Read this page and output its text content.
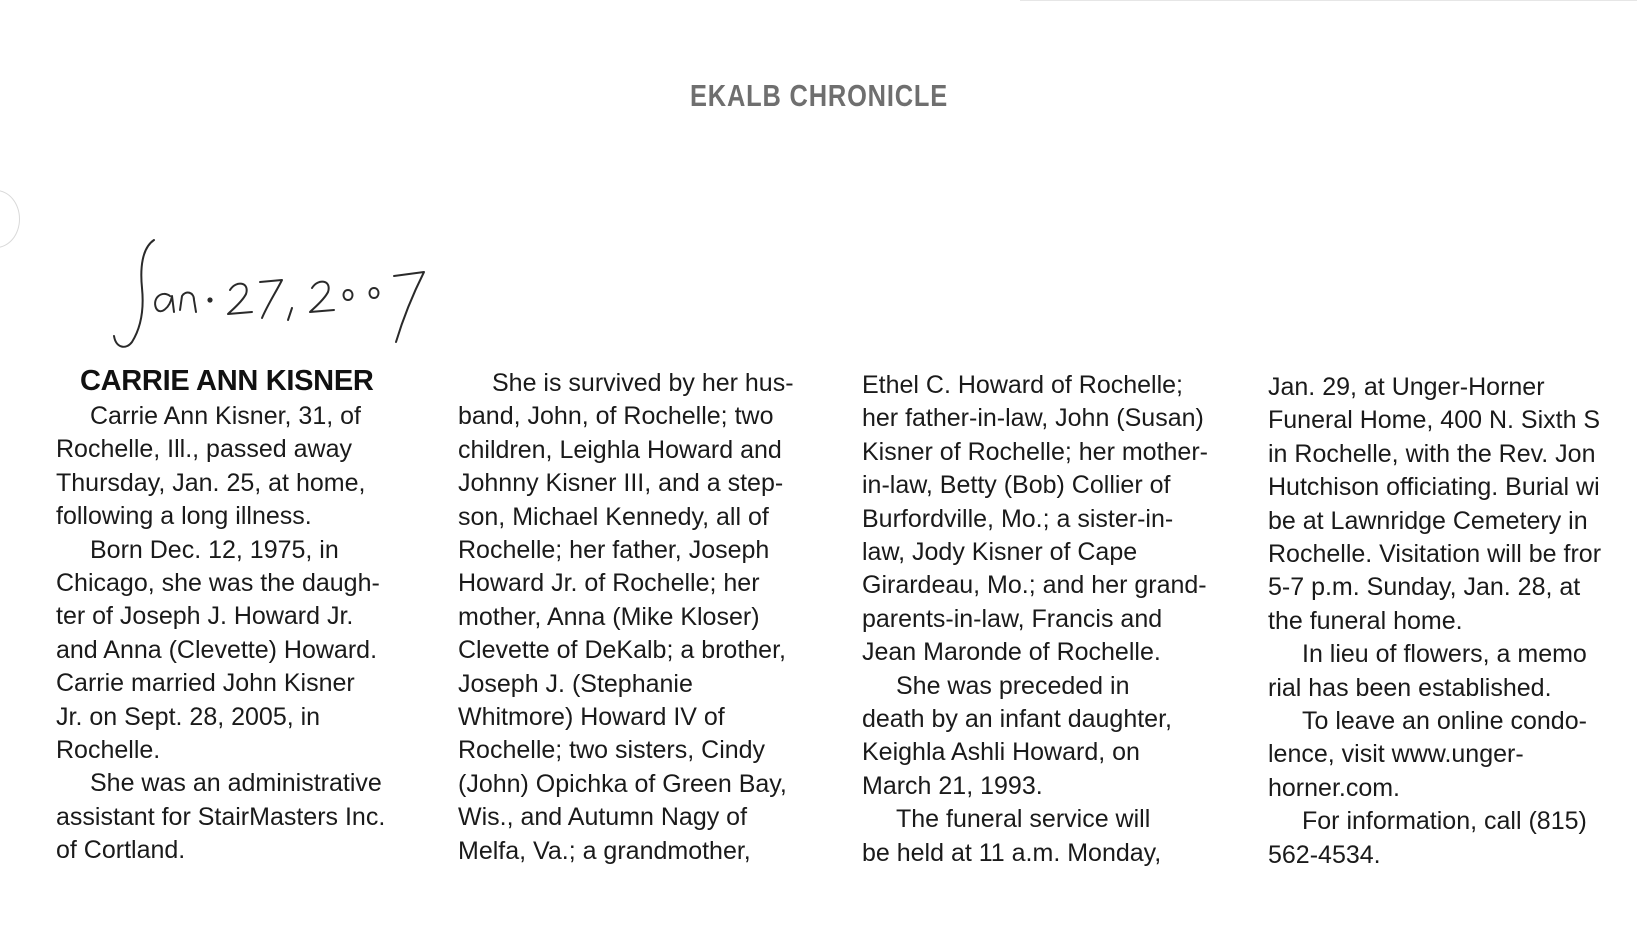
EKALB CHRONICLE
CARRIE ANN KISNER
Carrie Ann Kisner, 31, of
Rochelle, Ill., passed away
Thursday, Jan. 25, at home,
following a long illness.
Born Dec. 12, 1975, in
Chicago, she was the daugh-
ter of Joseph J. Howard Jr.
and Anna (Clevette) Howard.
Carrie married John Kisner
Jr. on Sept. 28, 2005, in
Rochelle.
She was an administrative
assistant for StairMasters Inc.
of Cortland.
She is survived by her hus-
band, John, of Rochelle; two
children, Leighla Howard and
Johnny Kisner III, and a step-
son, Michael Kennedy, all of
Rochelle; her father, Joseph
Howard Jr. of Rochelle; her
mother, Anna (Mike Kloser)
Clevette of DeKalb; a brother,
Joseph J. (Stephanie
Whitmore) Howard IV of
Rochelle; two sisters, Cindy
(John) Opichka of Green Bay,
Wis., and Autumn Nagy of
Melfa, Va.; a grandmother,
Ethel C. Howard of Rochelle;
her father-in-law, John (Susan)
Kisner of Rochelle; her mother-
in-law, Betty (Bob) Collier of
Burfordville, Mo.; a sister-in-
law, Jody Kisner of Cape
Girardeau, Mo.; and her grand-
parents-in-law, Francis and
Jean Maronde of Rochelle.
She was preceded in
death by an infant daughter,
Keighla Ashli Howard, on
March 21, 1993.
The funeral service will
be held at 11 a.m. Monday,
Jan. 29, at Unger-Horner
Funeral Home, 400 N. Sixth S
in Rochelle, with the Rev. Jon
Hutchison officiating. Burial wi
be at Lawnridge Cemetery in
Rochelle. Visitation will be fror
5-7 p.m. Sunday, Jan. 28, at
the funeral home.
In lieu of flowers, a memo
rial has been established.
To leave an online condo-
lence, visit www.unger-
horner.com.
For information, call (815)
562-4534.
